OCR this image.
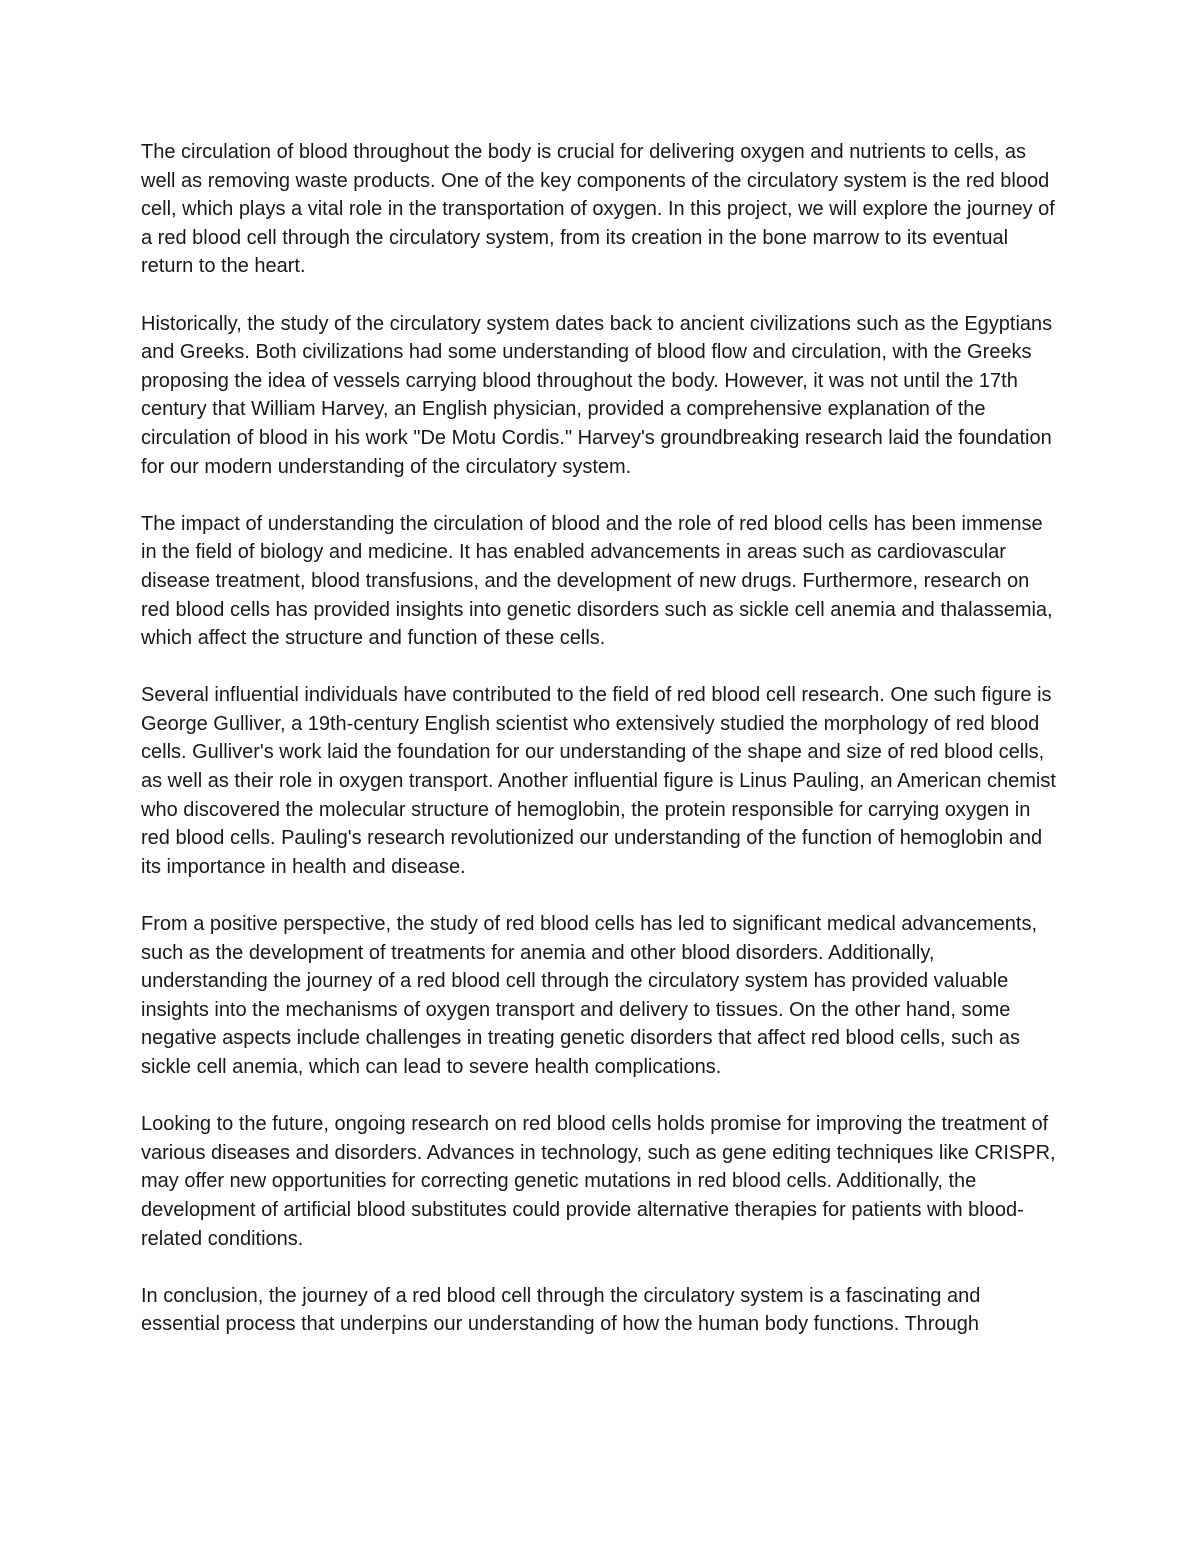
The circulation of blood throughout the body is crucial for delivering oxygen and nutrients to cells, as well as removing waste products. One of the key components of the circulatory system is the red blood cell, which plays a vital role in the transportation of oxygen. In this project, we will explore the journey of a red blood cell through the circulatory system, from its creation in the bone marrow to its eventual return to the heart.

Historically, the study of the circulatory system dates back to ancient civilizations such as the Egyptians and Greeks. Both civilizations had some understanding of blood flow and circulation, with the Greeks proposing the idea of vessels carrying blood throughout the body. However, it was not until the 17th century that William Harvey, an English physician, provided a comprehensive explanation of the circulation of blood in his work "De Motu Cordis." Harvey's groundbreaking research laid the foundation for our modern understanding of the circulatory system.

The impact of understanding the circulation of blood and the role of red blood cells has been immense in the field of biology and medicine. It has enabled advancements in areas such as cardiovascular disease treatment, blood transfusions, and the development of new drugs. Furthermore, research on red blood cells has provided insights into genetic disorders such as sickle cell anemia and thalassemia, which affect the structure and function of these cells.

Several influential individuals have contributed to the field of red blood cell research. One such figure is George Gulliver, a 19th-century English scientist who extensively studied the morphology of red blood cells. Gulliver's work laid the foundation for our understanding of the shape and size of red blood cells, as well as their role in oxygen transport. Another influential figure is Linus Pauling, an American chemist who discovered the molecular structure of hemoglobin, the protein responsible for carrying oxygen in red blood cells. Pauling's research revolutionized our understanding of the function of hemoglobin and its importance in health and disease.

From a positive perspective, the study of red blood cells has led to significant medical advancements, such as the development of treatments for anemia and other blood disorders. Additionally, understanding the journey of a red blood cell through the circulatory system has provided valuable insights into the mechanisms of oxygen transport and delivery to tissues. On the other hand, some negative aspects include challenges in treating genetic disorders that affect red blood cells, such as sickle cell anemia, which can lead to severe health complications.

Looking to the future, ongoing research on red blood cells holds promise for improving the treatment of various diseases and disorders. Advances in technology, such as gene editing techniques like CRISPR, may offer new opportunities for correcting genetic mutations in red blood cells. Additionally, the development of artificial blood substitutes could provide alternative therapies for patients with blood-related conditions.

In conclusion, the journey of a red blood cell through the circulatory system is a fascinating and essential process that underpins our understanding of how the human body functions. Through
